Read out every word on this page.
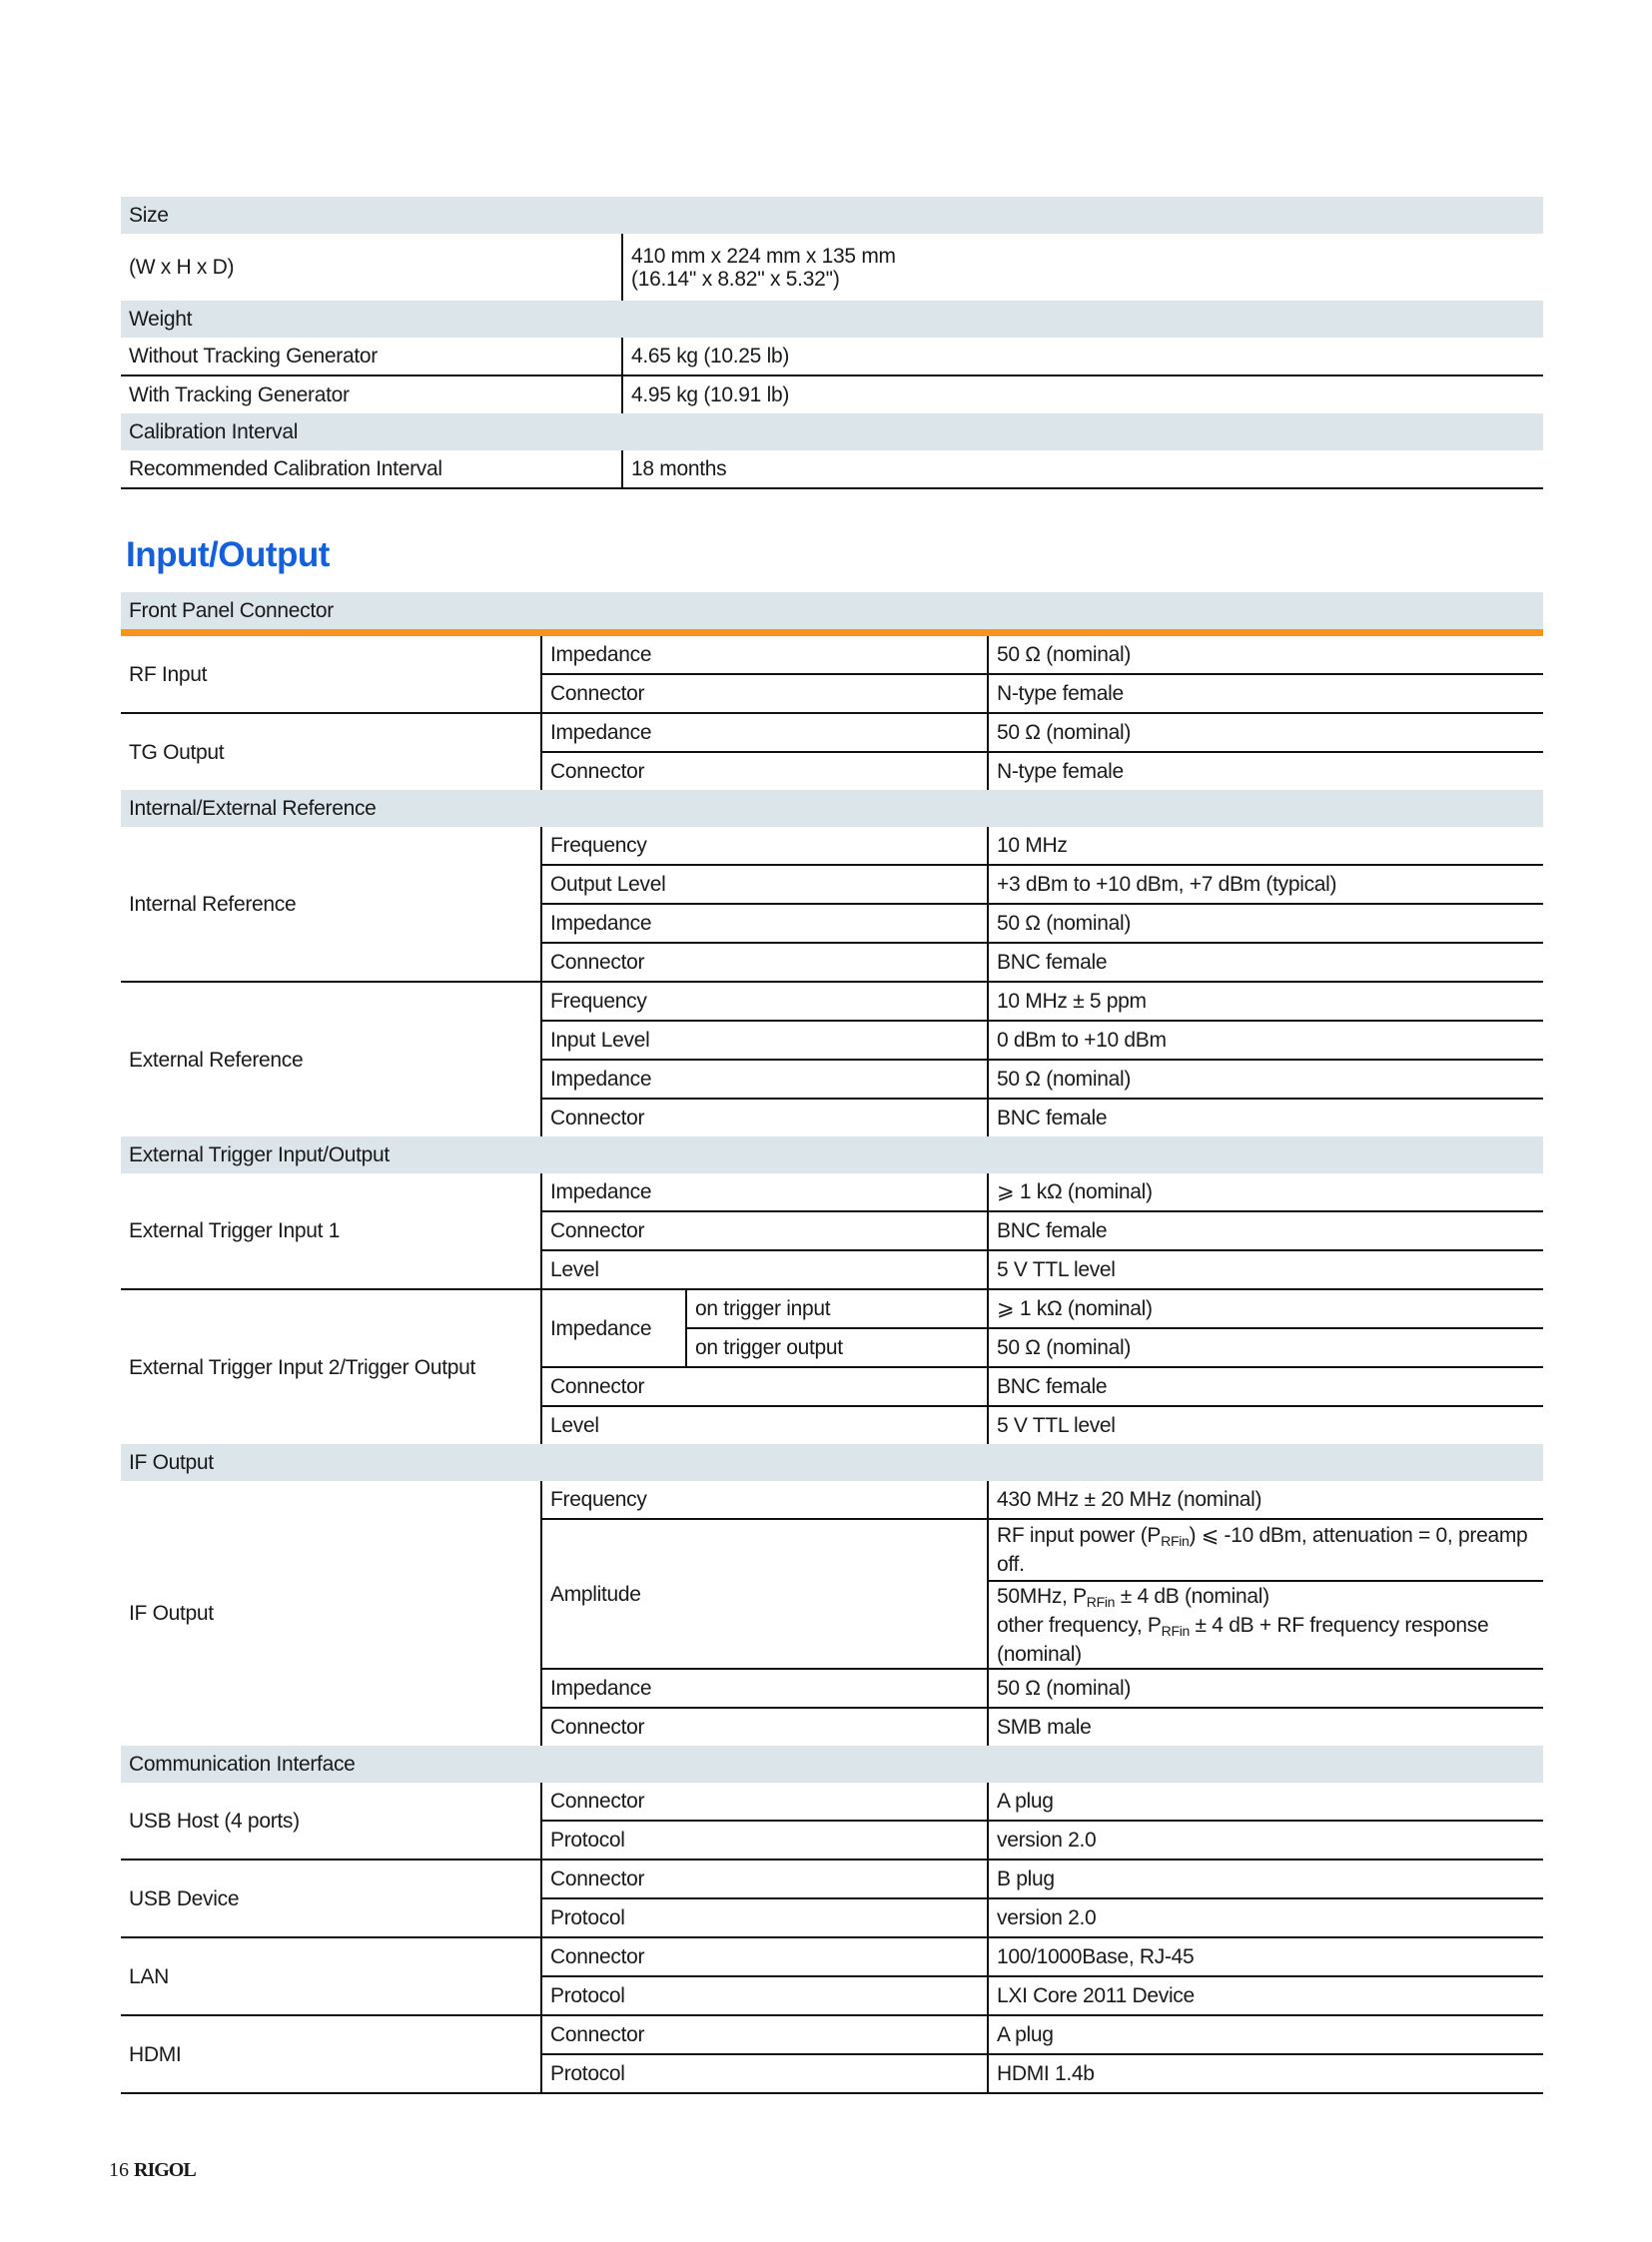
Size	
(W x H x D)	410 mm x 224 mm x 135 mm
(16.14'' x 8.82'' x 5.32'')
Weight	
Without Tracking Generator	4.65 kg (10.25 lb)
With Tracking Generator	4.95 kg (10.91 lb)
Calibration Interval	
Recommended Calibration Interval	18 months
Input/Output
Front Panel Connector			
RF Input	Impedance		50 Ω (nominal)
	Connector		N-type female
TG Output	Impedance		50 Ω (nominal)
	Connector		N-type female
Internal/External Reference			
Internal Reference	Frequency		10 MHz
	Output Level		+3 dBm to +10 dBm, +7 dBm (typical)
	Impedance		50 Ω (nominal)
	Connector		BNC female
External Reference	Frequency		10 MHz ± 5 ppm
	Input Level		0 dBm to +10 dBm
	Impedance		50 Ω (nominal)
	Connector		BNC female
External Trigger Input/Output			
External Trigger Input 1	Impedance		⩾ 1 kΩ (nominal)
	Connector		BNC female
	Level		5 V TTL level
External Trigger Input 2/Trigger Output	Impedance	on trigger input	⩾ 1 kΩ (nominal)
		on trigger output	50 Ω (nominal)
	Connector		BNC female
	Level		5 V TTL level
IF Output			
IF Output	Frequency		430 MHz ± 20 MHz (nominal)
	Amplitude		RF input power $(P_{RFin})$ ⩽ -10 dBm, attenuation = 0, preamp off.
			50MHz, $P_{RFin} \pm 4$ dB (nominal)
other frequency, $P_{RFin} \pm 4$ dB + RF frequency response (nominal)
	Impedance		50 Ω (nominal)
	Connector		SMB male
Communication Interface			
USB Host (4 ports)	Connector		A plug
	Protocol		version 2.0
USB Device	Connector		B plug
	Protocol		version 2.0
LAN	Connector		100/1000Base, RJ-45
	Protocol		LXI Core 2011 Device
HDMI	Connector		A plug
	Protocol		HDMI 1.4b
16 RIGOL
